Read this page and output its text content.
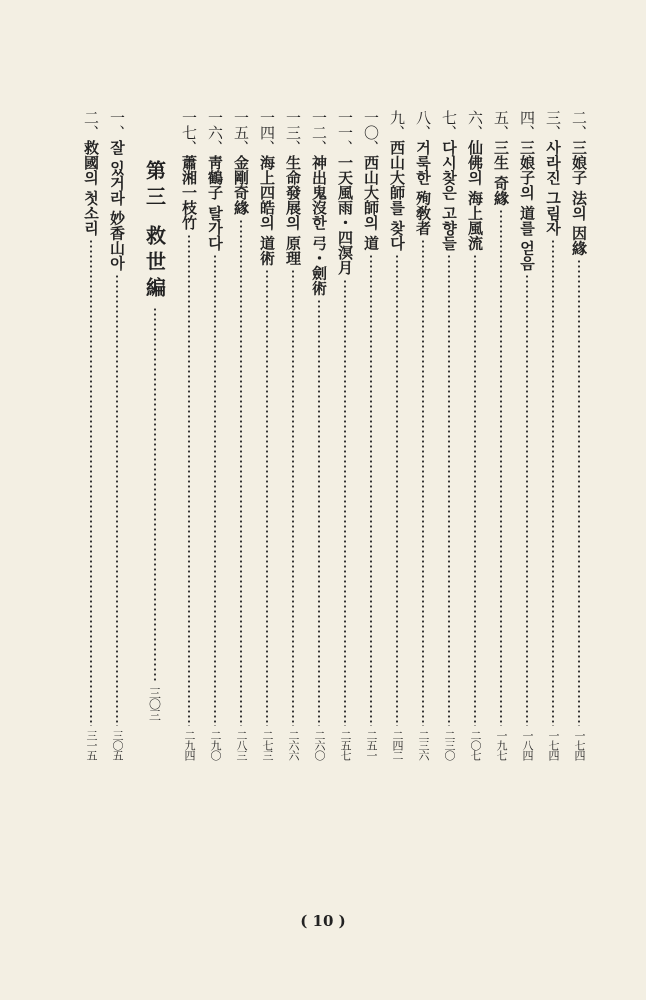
二、
三娘子 法의 因緣
一七四
三、
사라진 그림자
一七四
四、
三娘子의 道를 얻음
一八四
五、
三生 奇緣
一九七
六、
仙佛의 海上風流
二〇七
七、
다시찾은 고향들
二三〇
八、
거룩한 殉敎者
二三六
九、
西山大師를 찾다
二四二
一〇、
西山大師의 道
二五一
一一、
一天風雨・四溟月
二五七
一二、
神出鬼沒한 弓・劍術
二六〇
一三、
生命發展의 原理
二六六
一四、
海上四皓의 道術
二七三
一五、
金剛奇緣
二八三
一六、
靑鶴子 탈가다
二九〇
一七、
蕭湘一枝竹
二九四
第三 救世編
三〇三
一、
잘 있거라 妙香山아
三〇五
二、
救國의 첫소리
三一五
( 10 )
